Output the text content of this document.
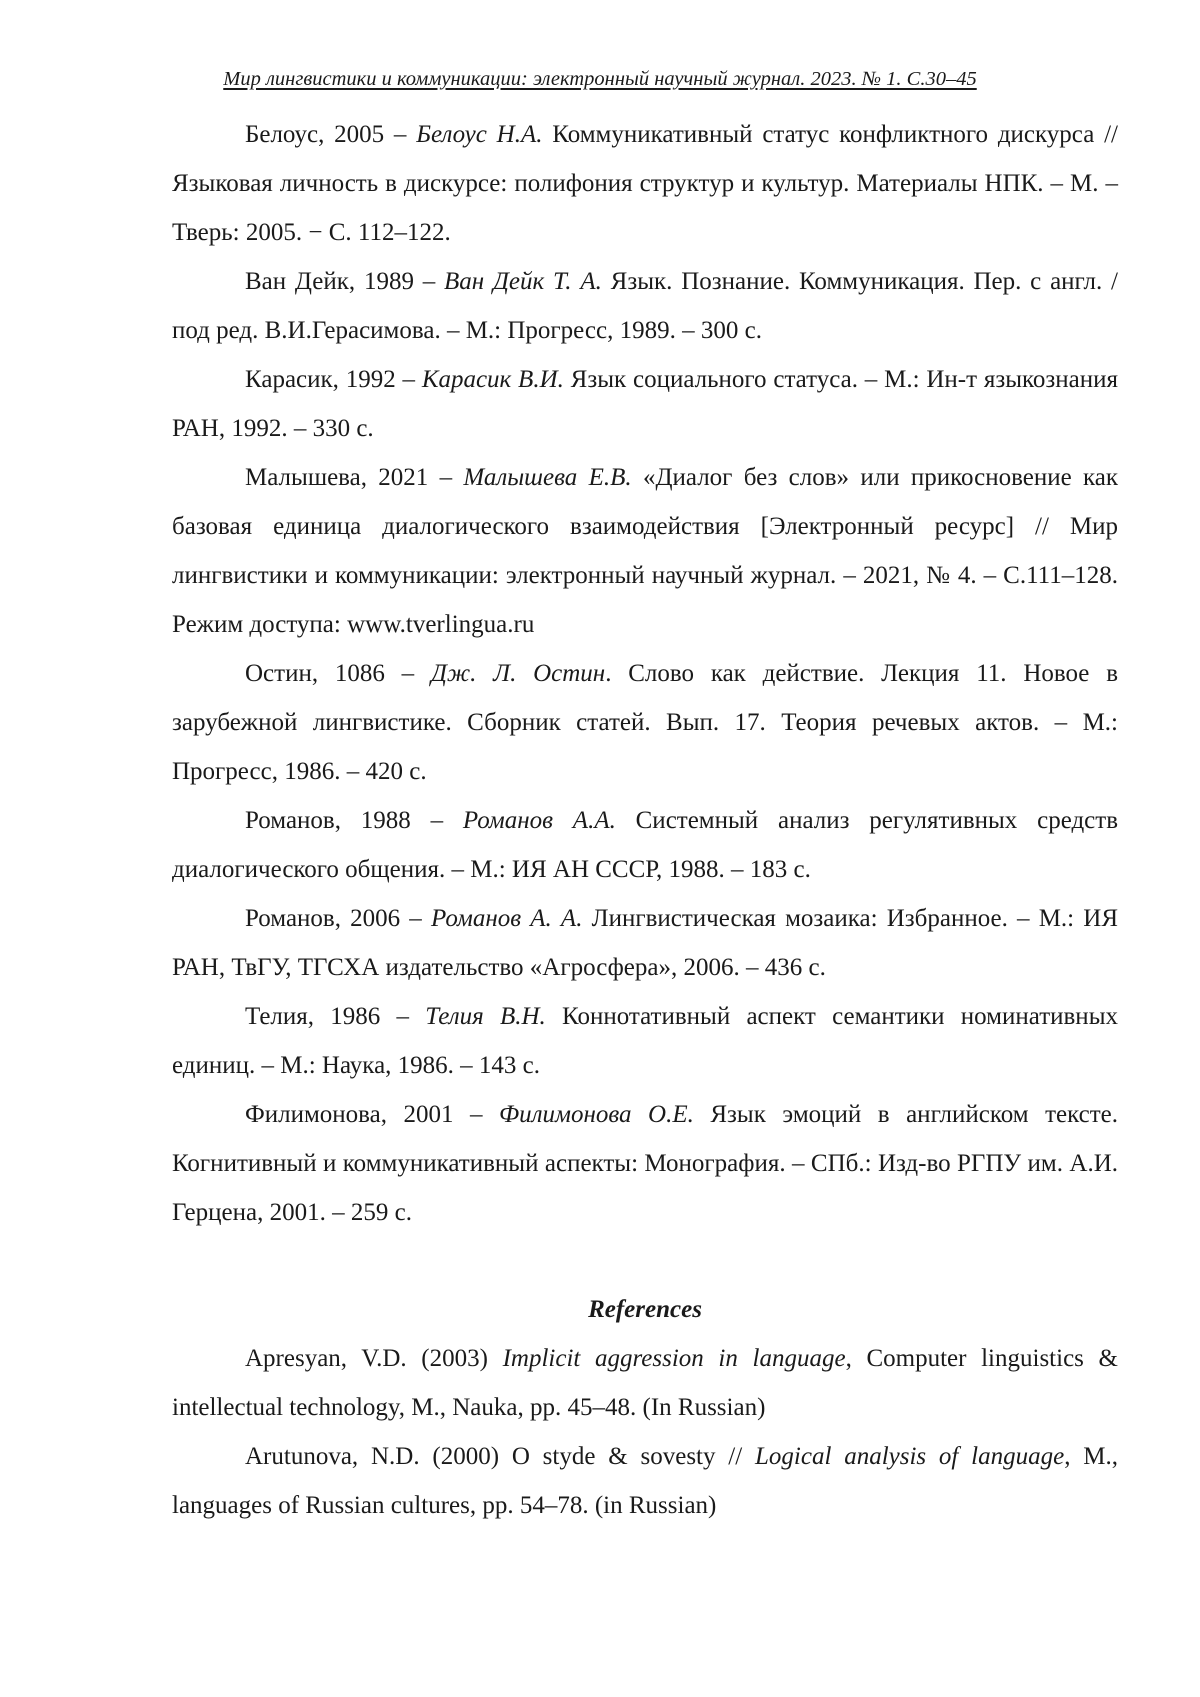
Мир лингвистики и коммуникации: электронный научный журнал. 2023. № 1. С.30–45

Белоус, 2005 – Белоус Н.А. Коммуникативный статус конфликтного дискурса // Языковая личность в дискурсе: полифония структур и культур. Материалы НПК. – М. –Тверь: 2005. − С. 112–122.

Ван Дейк, 1989 – Ван Дейк Т. А. Язык. Познание. Коммуникация. Пер. с англ. / под ред. В.И.Герасимова. – М.: Прогресс, 1989. – 300 с.

Карасик, 1992 – Карасик В.И. Язык социального статуса. – М.: Ин-т языкознания РАН, 1992. – 330 с.

Малышева, 2021 – Малышева Е.В. «Диалог без слов» или прикосновение как базовая единица диалогического взаимодействия [Электронный ресурс] // Мир лингвистики и коммуникации: электронный научный журнал. – 2021, № 4. – С.111–128. Режим доступа: www.tverlingua.ru

Остин, 1086 – Дж. Л. Остин. Слово как действие. Лекция 11. Новое в зарубежной лингвистике. Сборник статей. Вып. 17. Теория речевых актов. – М.: Прогресс, 1986. – 420 с.

Романов, 1988 – Романов А.А. Системный анализ регулятивных средств диалогического общения. – М.: ИЯ АН СССР, 1988. – 183 с.

Романов, 2006 – Романов А. А. Лингвистическая мозаика: Избранное. – М.: ИЯ РАН, ТвГУ, ТГСХА издательство «Агросфера», 2006. – 436 с.

Телия, 1986 – Телия В.Н. Коннотативный аспект семантики номинативных единиц. – М.: Наука, 1986. – 143 с.

Филимонова, 2001 – Филимонова О.Е. Язык эмоций в английском тексте. Когнитивный и коммуникативный аспекты: Монография. – СПб.: Изд-во РГПУ им. А.И. Герцена, 2001. – 259 с.

References

Apresyan, V.D. (2003) Implicit aggression in language, Computer linguistics & intellectual technology, M., Nauka, pp. 45–48. (In Russian)

Arutunova, N.D. (2000) O styde & sovesty // Logical analysis of language, M., languages of Russian cultures, pp. 54–78. (in Russian)
